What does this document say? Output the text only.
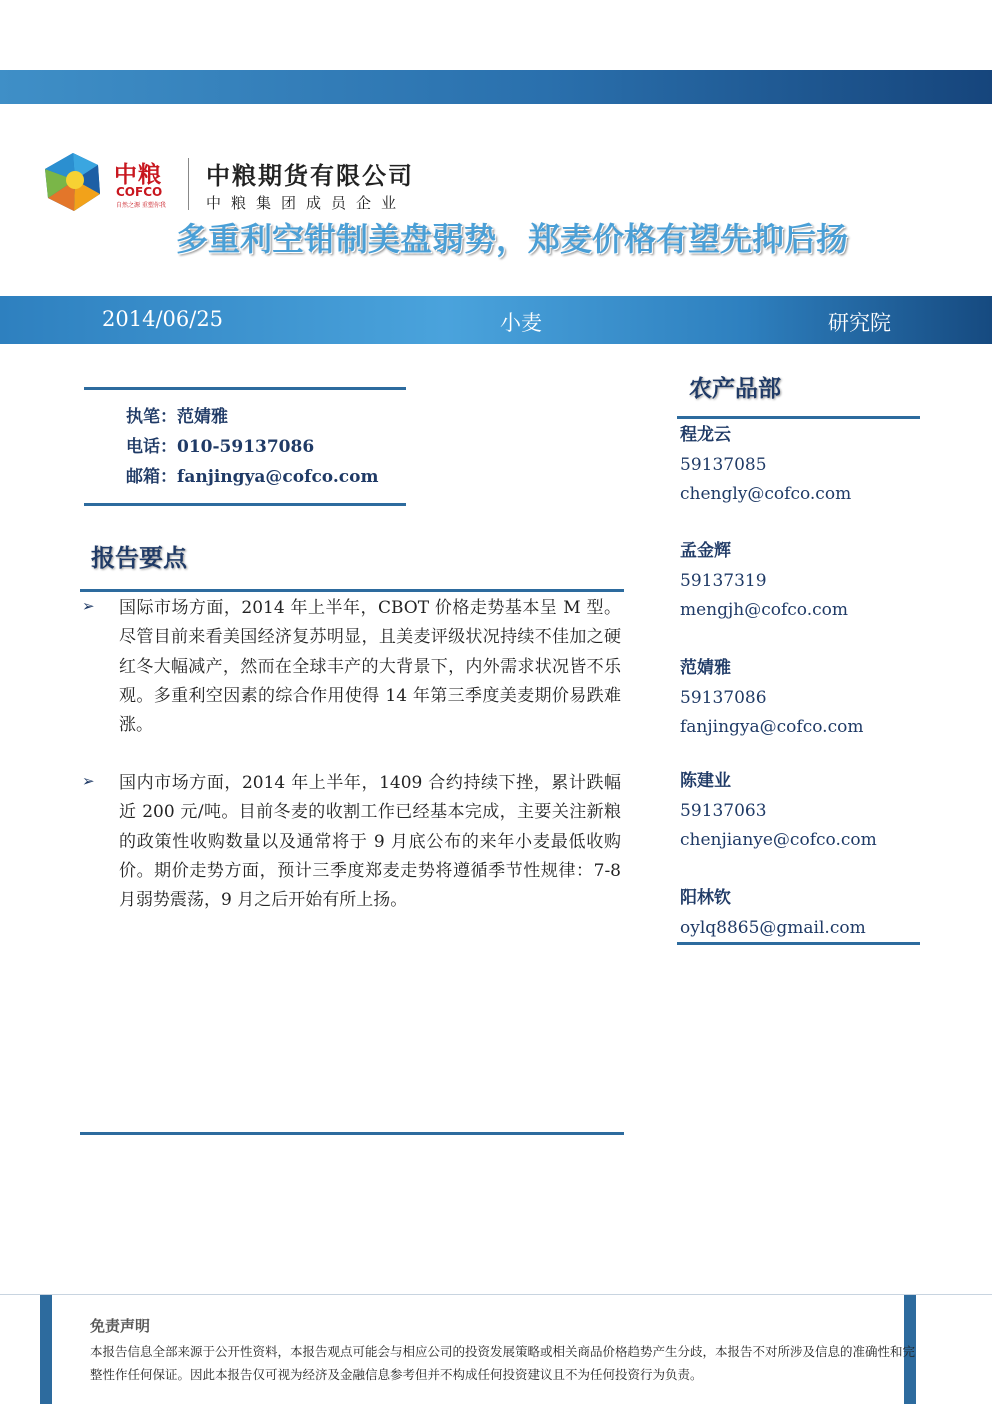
中粮
COFCO
自然之源 重塑你我
中粮期货有限公司
中粮集团成员企业
多重利空钳制美盘弱势，郑麦价格有望先抑后扬
2014/06/25	小麦	研究院
执笔：范婧雅
电话：010-59137086
邮箱：fanjingya@cofco.com
报告要点
➢ 国际市场方面，2014 年上半年，CBOT 价格走势基本呈 M 型。尽管目前来看美国经济复苏明显，且美麦评级状况持续不佳加之硬红冬大幅减产，然而在全球丰产的大背景下，内外需求状况皆不乐观。多重利空因素的综合作用使得 14 年第三季度美麦期价易跌难涨。
➢ 国内市场方面，2014 年上半年，1409 合约持续下挫，累计跌幅近 200 元/吨。目前冬麦的收割工作已经基本完成，主要关注新粮的政策性收购数量以及通常将于 9 月底公布的来年小麦最低收购价。期价走势方面，预计三季度郑麦走势将遵循季节性规律：7-8 月弱势震荡，9 月之后开始有所上扬。
农产品部
程龙云
59137085
chengly@cofco.com
孟金辉
59137319
mengjh@cofco.com
范婧雅
59137086
fanjingya@cofco.com
陈建业
59137063
chenjianye@cofco.com
阳林钦
oylq8865@gmail.com
免责声明
本报告信息全部来源于公开性资料，本报告观点可能会与相应公司的投资发展策略或相关商品价格趋势产生分歧，本报告不对所涉及信息的准确性和完整性作任何保证。因此本报告仅可视为经济及金融信息参考但并不构成任何投资建议且不为任何投资行为负责。
